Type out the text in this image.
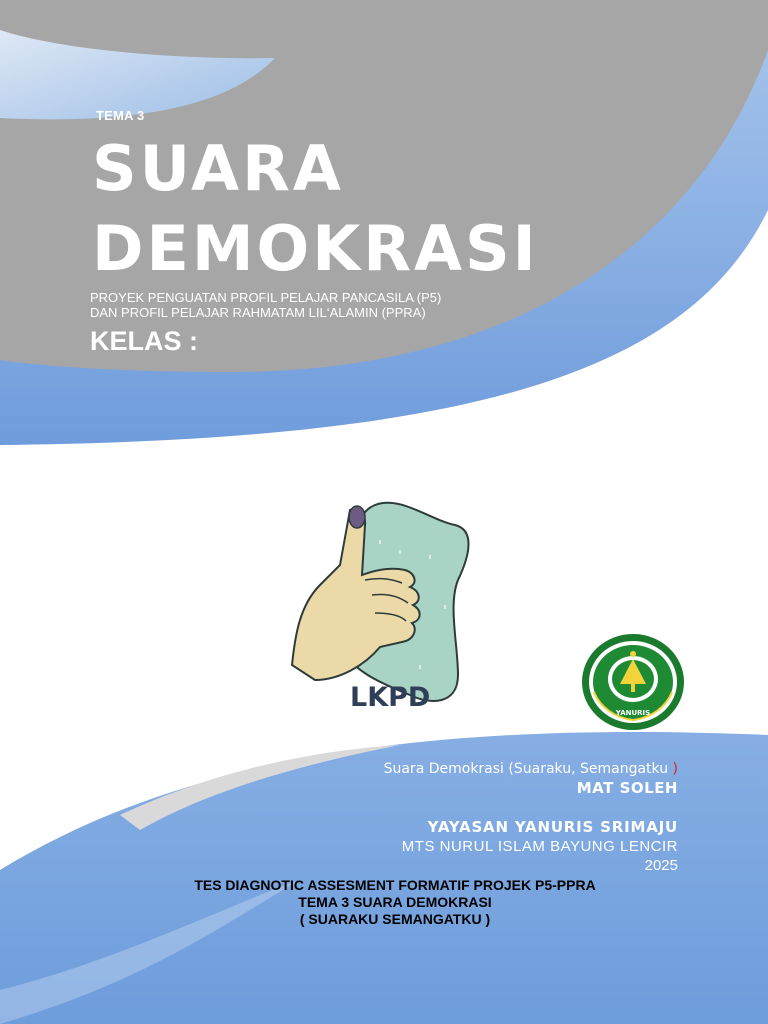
TEMA 3
SUARA
DEMOKRASI
PROYEK PENGUATAN PROFIL PELAJAR PANCASILA (P5)
DAN PROFIL PELAJAR RAHMATAM LIL‘ALAMIN (PPRA)
KELAS :
LKPD	YANURIS
Suara Demokrasi (Suaraku, Semangatku )
MAT SOLEH
YAYASAN YANURIS SRIMAJU
MTS NURUL ISLAM BAYUNG LENCIR
2025
TES DIAGNOTIC ASSESMENT FORMATIF PROJEK P5-PPRA
TEMA 3 SUARA DEMOKRASI
( SUARAKU SEMANGATKU )
